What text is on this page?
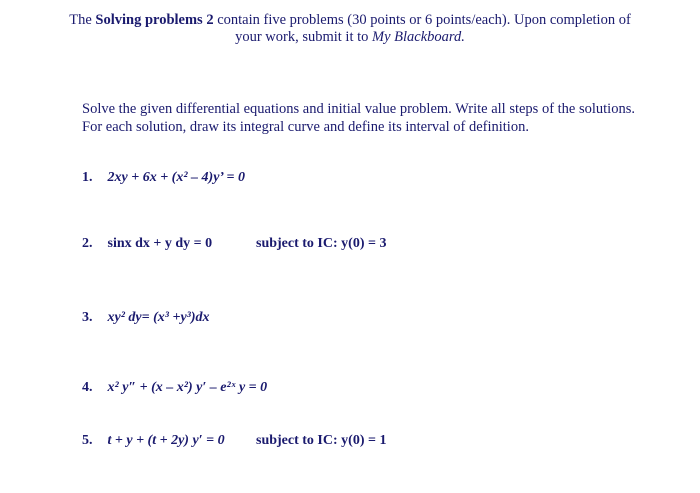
The Solving problems 2 contain five problems (30 points or 6 points/each). Upon completion of
your work, submit it to My Blackboard.
Solve the given differential equations and initial value problem. Write all steps of the solutions. For each solution, draw its integral curve and define its interval of definition.
1. 2xy + 6x + (x² – 4)y’ = 0
2. sinx dx + y dy = 0	subject to IC: y(0) = 3
3. xy² dy= (x³ +y³)dx
4. x² y″ + (x – x²) y′ – e²ˣ y = 0
5. t + y + (t + 2y) y′ = 0 subject to IC: y(0) = 1
